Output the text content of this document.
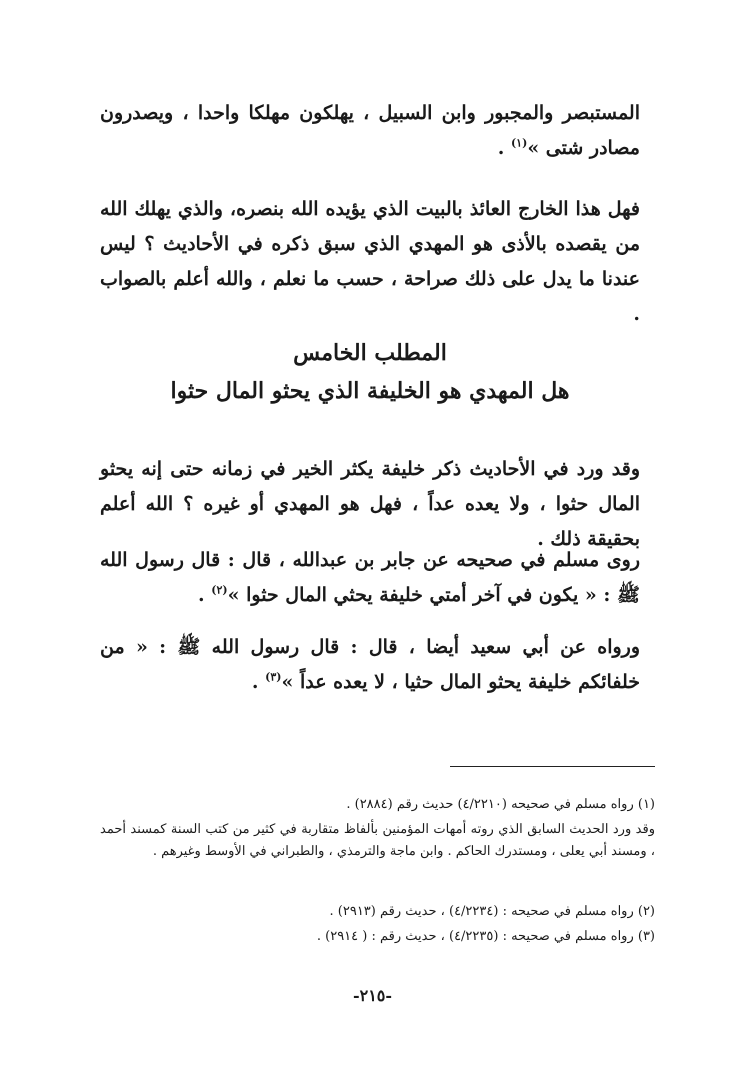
المستبصر والمجبور وابن السبيل ، يهلكون مهلكا واحدا ، ويصدرون مصادر شتى »$^{(١)}$ .

فهل هذا الخارج العائذ بالبيت الذي يؤيده الله بنصره، والذي يهلك الله من يقصده بالأذى هو المهدي الذي سبق ذكره في الأحاديث ؟ ليس عندنا ما يدل على ذلك صراحة ، حسب ما نعلم ، والله أعلم بالصواب .

المطلب الخامس
هل المهدي هو الخليفة الذي يحثو المال حثوا

وقد ورد في الأحاديث ذكر خليفة يكثر الخير في زمانه حتى إنه يحثو المال حثوا ، ولا يعده عداً ، فهل هو المهدي أو غيره ؟ الله أعلم بحقيقة ذلك .

روى مسلم في صحيحه عن جابر بن عبدالله ، قال : قال رسول الله ﷺ : « يكون في آخر أمتي خليفة يحثي المال حثوا »$^{(٢)}$ .

ورواه عن أبي سعيد أيضا ، قال : قال رسول الله ﷺ : « من خلفائكم خليفة يحثو المال حثيا ، لا يعده عداً »$^{(٣)}$ .

(١) رواه مسلم في صحيحه (٤/٢٢١٠) حديث رقم (٢٨٨٤) .
وقد ورد الحديث السابق الذي روته أمهات المؤمنين بألفاظ متقاربة في كثير من كتب السنة كمسند أحمد ، ومسند أبي يعلى ، ومستدرك الحاكم . وابن ماجة والترمذي ، والطبراني في الأوسط وغيرهم .
(٢) رواه مسلم في صحيحه : (٤/٢٢٣٤) ، حديث رقم (٢٩١٣) .
(٣) رواه مسلم في صحيحه : (٤/٢٢٣٥) ، حديث رقم : ( ٢٩١٤) .
-٢١٥-
